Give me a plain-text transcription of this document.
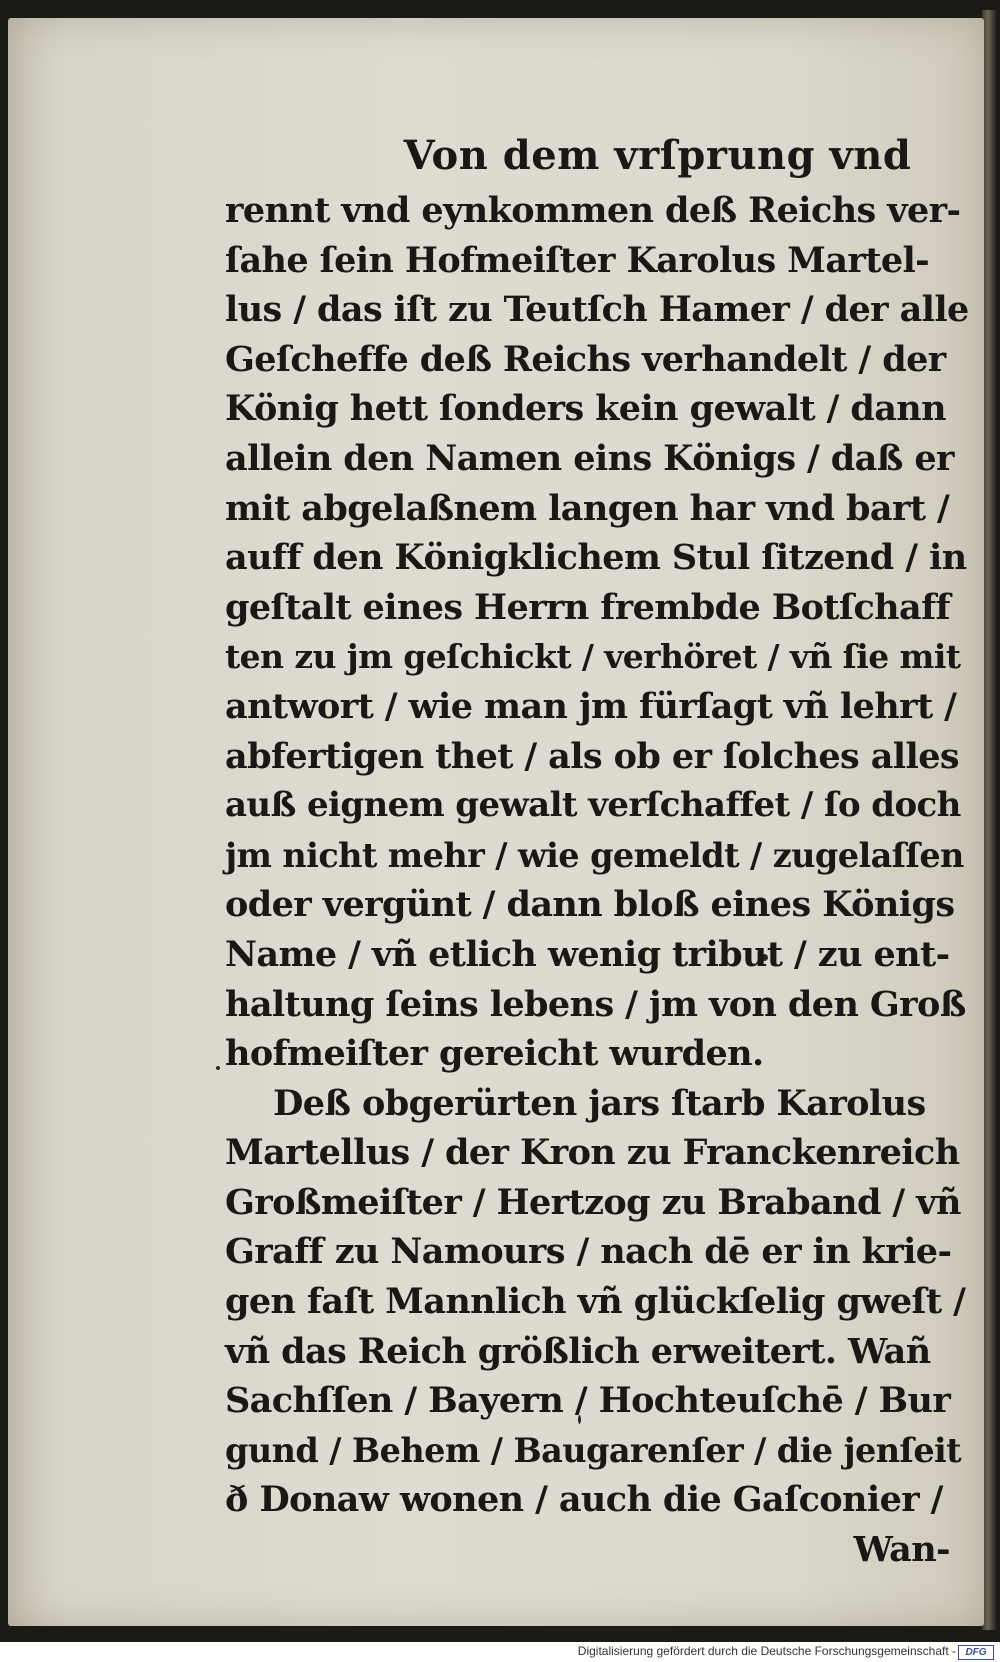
Von dem vrſprung vnd
rennt vnd eynkommen deß Reichs ver-
ſahe ſein Hofmeiſter Karolus Martel-
lus / das iſt zu Teutſch Hamer / der alle
Geſcheffe deß Reichs verhandelt / der
König hett ſonders kein gewalt / dann
allein den Namen eins Königs / daß er
mit abgelaßnem langen har vnd bart /
auff den Königklichem Stul ſitzend / in
geſtalt eines Herrn frembde Botſchaff
ten zu jm geſchickt / verhöret / vñ ſie mit
antwort / wie man jm fürſagt vñ lehrt /
abfertigen thet / als ob er ſolches alles
auß eignem gewalt verſchaffet / ſo doch
jm nicht mehr / wie gemeldt / zugelaſſen
oder vergünt / dann bloß eines Königs
Name / vñ etlich wenig tribut / zu ent-
haltung ſeins lebens / jm von den Groß
hofmeiſter gereicht wurden.
Deß obgerürten jars ſtarb Karolus
Martellus / der Kron zu Franckenreich
Großmeiſter / Hertzog zu Braband / vñ
Graff zu Namours / nach dē er in krie-
gen faſt Mannlich vñ glückſelig gweſt /
vñ das Reich größlich erweitert. Wañ
Sachſſen / Bayern / Hochteuſchē / Bur
gund / Behem / Baugarenſer / die jenſeit
ð Donaw wonen / auch die Gaſconier /
Wan-
Digitalisierung gefördert durch die Deutsche Forschungsgemeinschaft - DFG
